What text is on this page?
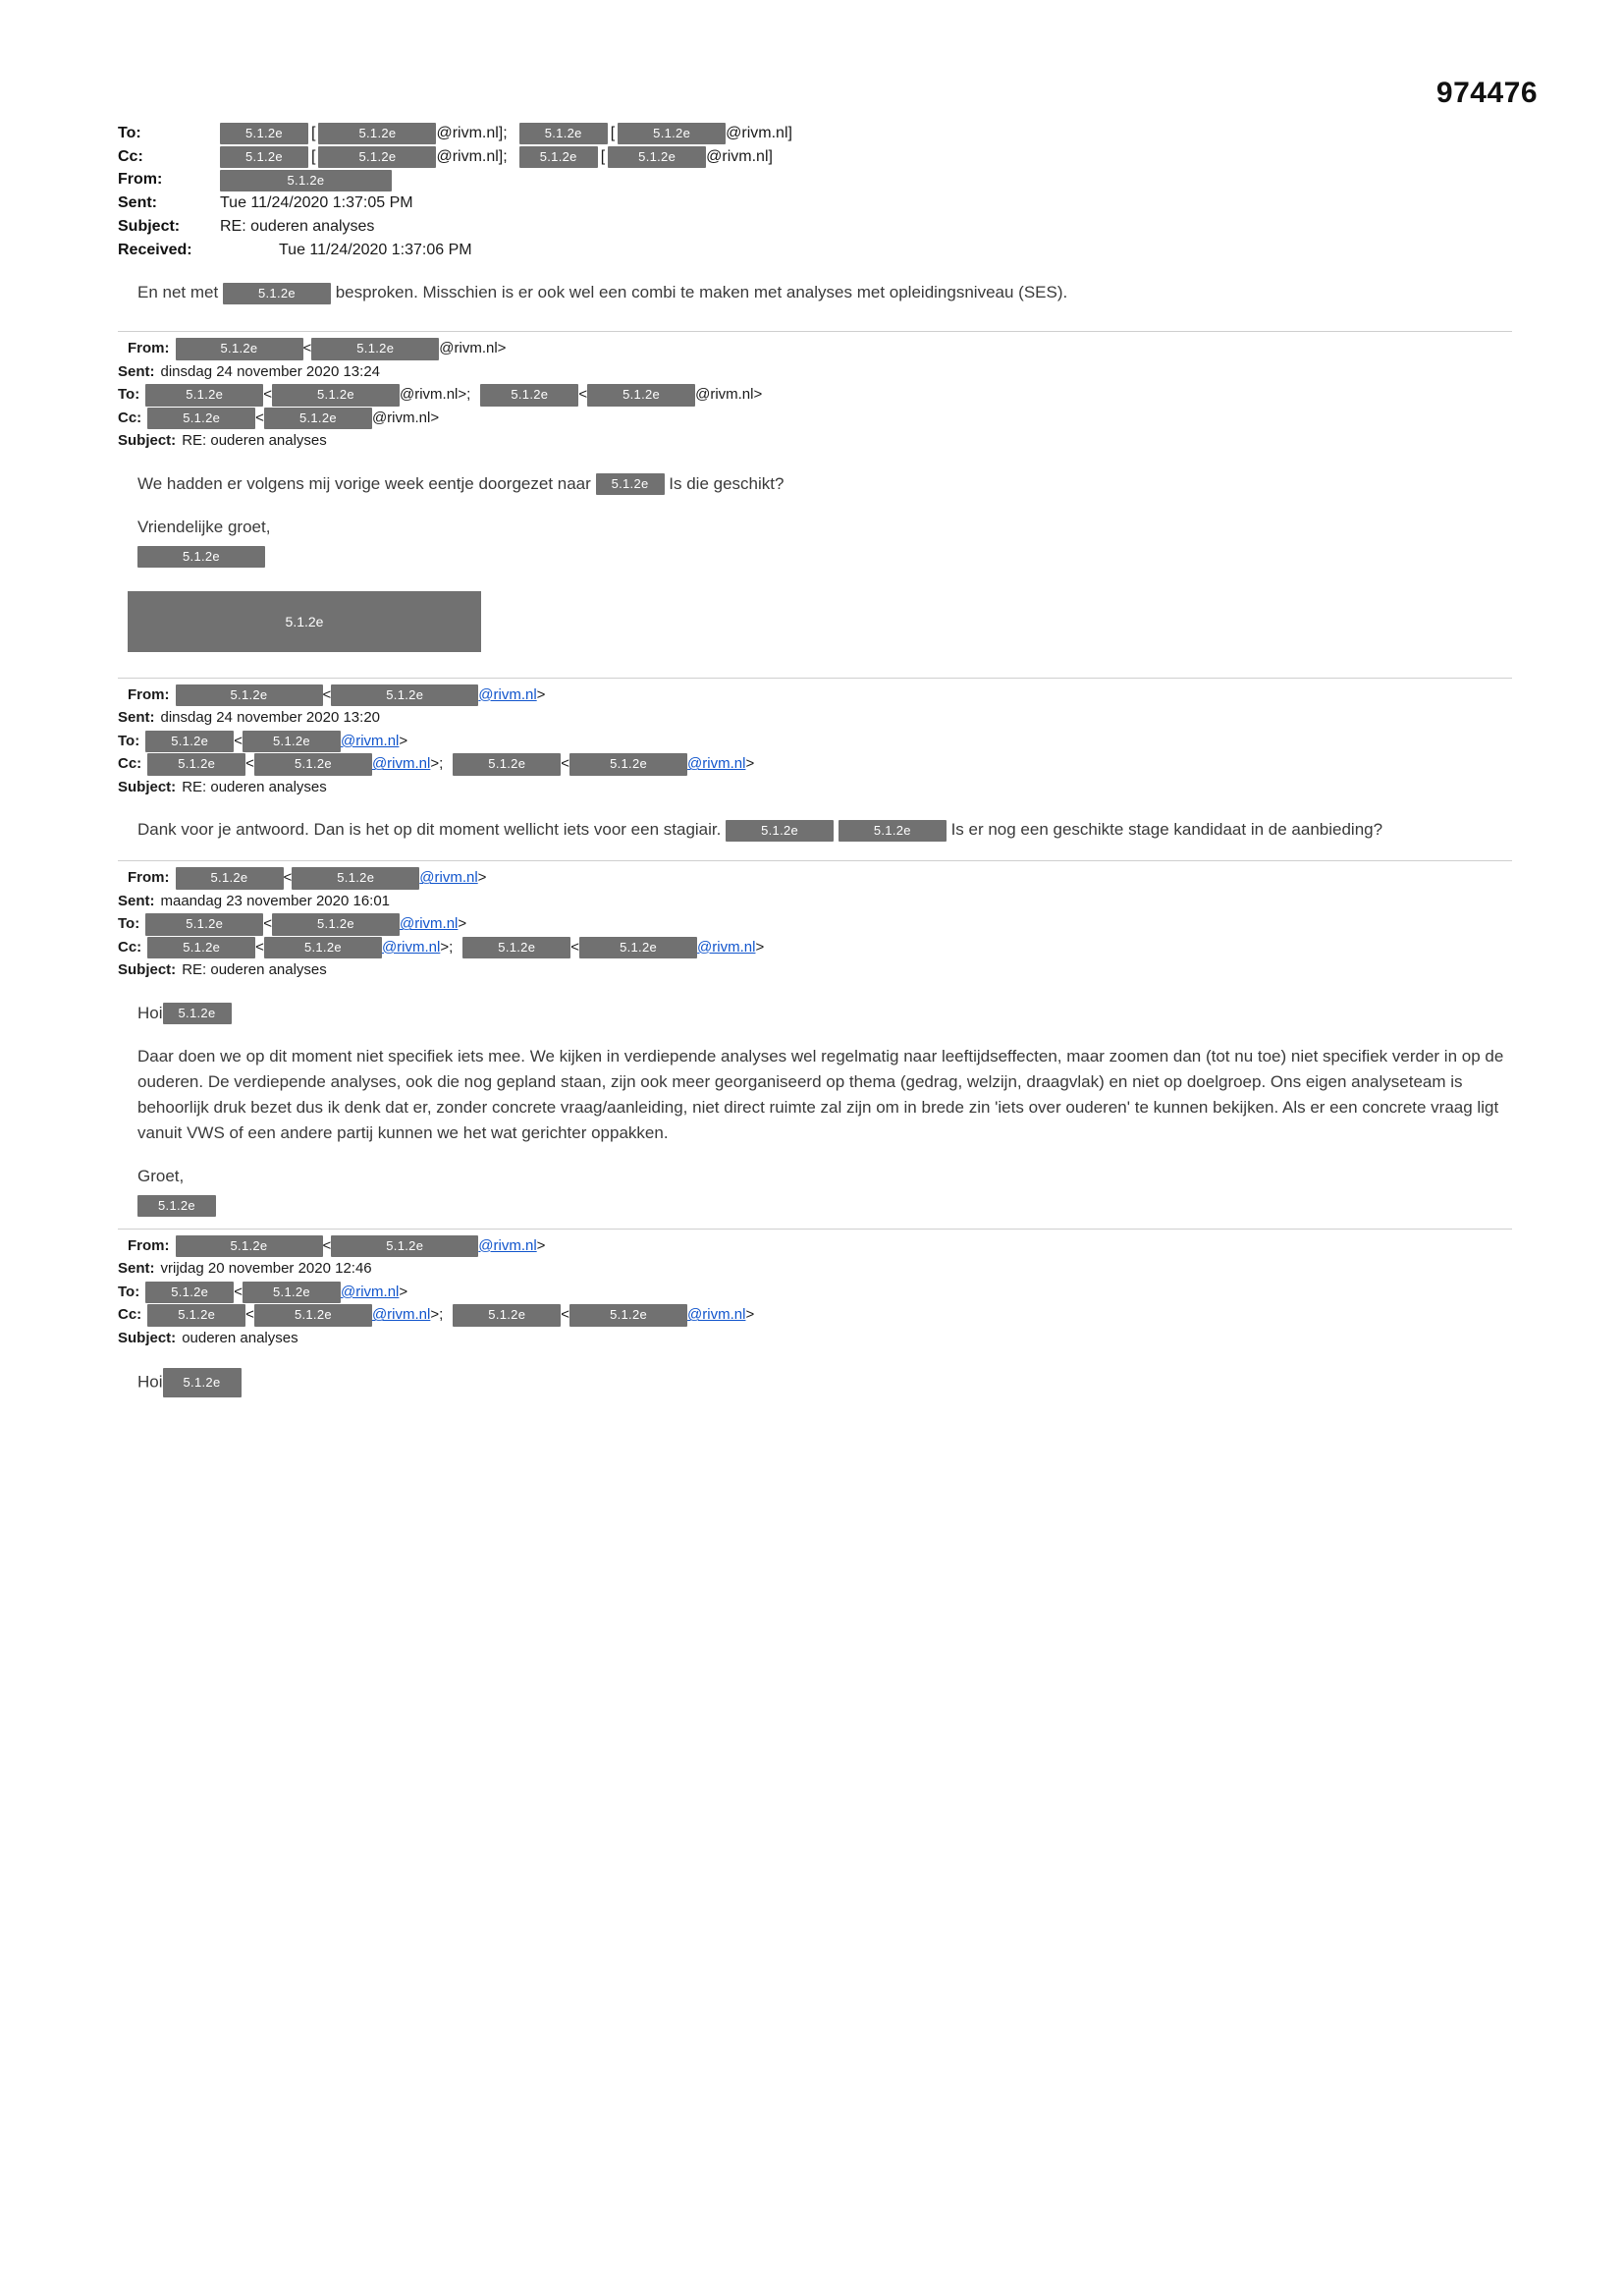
974476
To:	5.1.2e	[	5.1.2e	@rivm.nl];	5.1.2e	[	5.1.2e	@rivm.nl]
Cc:	5.1.2e	[	5.1.2e	@rivm.nl];	5.1.2e	[	5.1.2e	@rivm.nl]
From:	5.1.2e
Sent:	Tue 11/24/2020 1:37:05 PM
Subject:	RE: ouderen analyses
Received:	Tue 11/24/2020 1:37:06 PM
En net met	5.1.2e besproken. Misschien is er ook wel een combi te maken met analyses met opleidingsniveau (SES).
From:	5.1.2e	<	5.1.2e	@rivm.nl >
Sent: dinsdag 24 november 2020 13:24
To:	5.1.2e	<	5.1.2e	@rivm.nl >;	5.1.2e	<	5.1.2e	@rivm.nl >
Cc:	5.1.2e	<	5.1.2e	@rivm.nl >
Subject: RE: ouderen analyses
We hadden er volgens mij vorige week eentje doorgezet naar 5.1.2e Is die geschikt?
Vriendelijke groet,
5.1.2e
5.1.2e
From:	5.1.2e	<	5.1.2e	@rivm.nl >
Sent: dinsdag 24 november 2020 13:20
To:	5.1.2e	<	5.1.2e	@rivm.nl >
Cc:	5.1.2e	<	5.1.2e	@rivm.nl >;	5.1.2e	<	5.1.2e	@rivm.nl >
Subject: RE: ouderen analyses
Dank voor je antwoord. Dan is het op dit moment wellicht iets voor een stagiair.	5.1.2e	5.1.2e Is er nog een geschikte stage kandidaat in de aanbieding?
From:	5.1.2e	<	5.1.2e	@rivm.nl >
Sent: maandag 23 november 2020 16:01
To:	5.1.2e	<	5.1.2e	@rivm.nl >
Cc:	5.1.2e	<	5.1.2e	@rivm.nl >;	5.1.2e	<	5.1.2e	@rivm.nl >
Subject: RE: ouderen analyses
Hoi 5.1.2e
Daar doen we op dit moment niet specifiek iets mee. We kijken in verdiepende analyses wel regelmatig naar leeftijdseffecten, maar zoomen dan (tot nu toe) niet specifiek verder in op de ouderen. De verdiepende analyses, ook die nog gepland staan, zijn ook meer georganiseerd op thema (gedrag, welzijn, draagvlak) en niet op doelgroep. Ons eigen analyseteam is behoorlijk druk bezet dus ik denk dat er, zonder concrete vraag/aanleiding, niet direct ruimte zal zijn om in brede zin 'iets over ouderen' te kunnen bekijken. Als er een concrete vraag ligt vanuit VWS of een andere partij kunnen we het wat gerichter oppakken.
Groet,
5.1.2e
From:	5.1.2e	<	5.1.2e	@rivm.nl >
Sent: vrijdag 20 november 2020 12:46
To:	5.1.2e	<	5.1.2e	@rivm.nl >
Cc:	5.1.2e	<	5.1.2e	@rivm.nl >;	5.1.2e	<	5.1.2e	@rivm.nl >
Subject: ouderen analyses
Hoi 5.1.2e
